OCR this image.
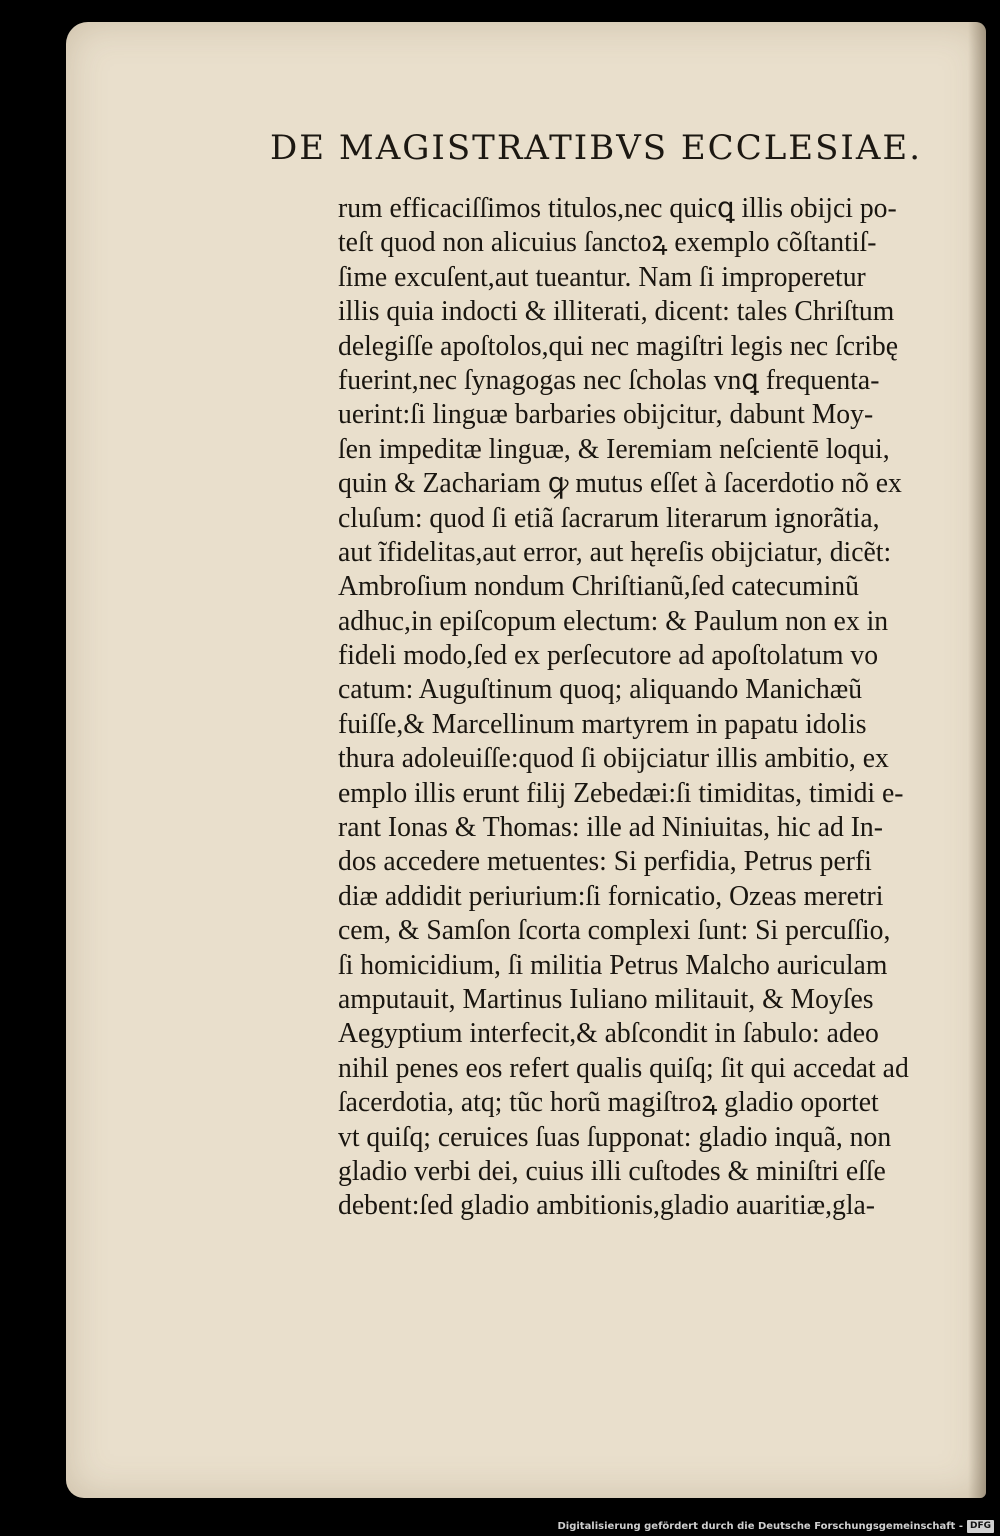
DE MAGISTRATIBVS ECCLESIAE.
rum efficaciſſimos titulos,nec quicꝗ illis obijci po-
teſt quod non alicuius ſanctoꝝ exemplo cõſtantiſ-
ſime excuſent,aut tueantur. Nam ſi improperetur
illis quia indocti & illiterati, dicent: tales Chriſtum
delegiſſe apoſtolos,qui nec magiſtri legis nec ſcribę
fuerint,nec ſynagogas nec ſcholas vnꝗ frequenta-
uerint:ſi linguæ barbaries obijcitur, dabunt Moy-
ſen impeditæ linguæ, & Ieremiam neſcientē loqui,
quin & Zachariam ꝙ mutus eſſet à ſacerdotio nõ ex
cluſum: quod ſi etiã ſacrarum literarum ignorãtia,
aut ĩfidelitas,aut error, aut hęreſis obijciatur, dicẽt:
Ambroſium nondum Chriſtianũ,ſed catecuminũ
adhuc,in epiſcopum electum: & Paulum non ex in
fideli modo,ſed ex perſecutore ad apoſtolatum vo
catum: Auguſtinum quoq; aliquando Manichæũ
fuiſſe,& Marcellinum martyrem in papatu idolis
thura adoleuiſſe:quod ſi obijciatur illis ambitio, ex
emplo illis erunt filij Zebedæi:ſi timiditas, timidi e-
rant Ionas & Thomas: ille ad Niniuitas, hic ad In-
dos accedere metuentes: Si perfidia, Petrus perfi
diæ addidit periurium:ſi fornicatio, Ozeas meretri
cem, & Samſon ſcorta complexi ſunt: Si percuſſio,
ſi homicidium, ſi militia Petrus Malcho auriculam
amputauit, Martinus Iuliano militauit, & Moyſes
Aegyptium interfecit,& abſcondit in ſabulo: adeo
nihil penes eos refert qualis quiſq; ſit qui accedat ad
ſacerdotia, atq; tũc horũ magiſtroꝝ gladio oportet
vt quiſq; ceruices ſuas ſupponat: gladio inquã, non
gladio verbi dei, cuius illi cuſtodes & miniſtri eſſe
debent:ſed gladio ambitionis,gladio auaritiæ,gla-
Digitalisierung gefördert durch die Deutsche Forschungsgemeinschaft - DFG
